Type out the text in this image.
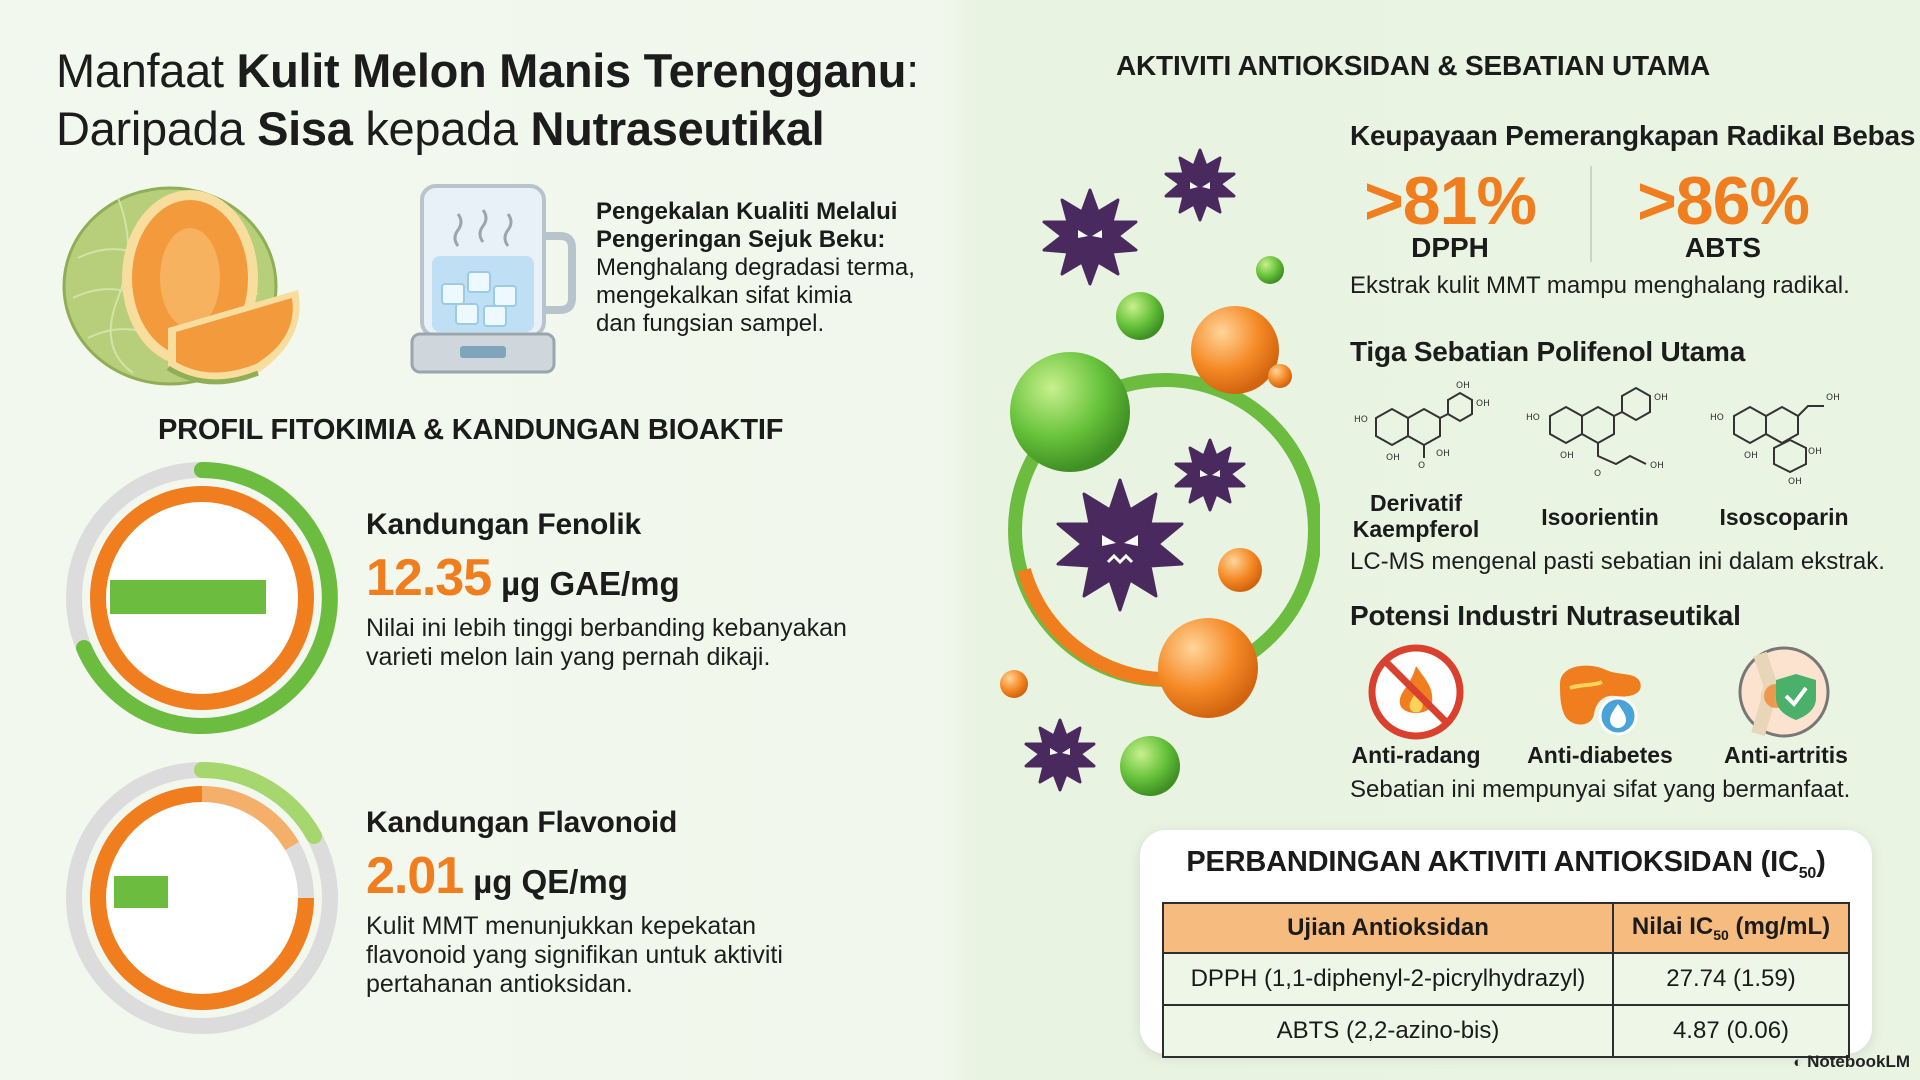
Manfaat Kulit Melon Manis Terengganu:
Daripada Sisa kepada Nutraseutikal
Pengekalan Kualiti Melalui
Pengeringan Sejuk Beku:
Menghalang degradasi terma,
mengekalkan sifat kimia
dan fungsian sampel.
PROFIL FITOKIMIA & KANDUNGAN BIOAKTIF
Kandungan Fenolik
12.35 µg GAE/mg
Nilai ini lebih tinggi berbanding kebanyakan
varieti melon lain yang pernah dikaji.
Kandungan Flavonoid
2.01 µg QE/mg
Kulit MMT menunjukkan kepekatan
flavonoid yang signifikan untuk aktiviti
pertahanan antioksidan.
AKTIVITI ANTIOKSIDAN & SEBATIAN UTAMA
Keupayaan Pemerangkapan Radikal Bebas
>81%
DPPH
>86%
ABTS
Ekstrak kulit MMT mampu menghalang radikal.
Tiga Sebatian Polifenol Utama
HO
OH
O
OH
OH
OH
Derivatif
Kaempferol
HO
OH
OH
OH
O
Isoorientin
HO
OH
OH
OH
OH
Isoscoparin
LC-MS mengenal pasti sebatian ini dalam ekstrak.
Potensi Industri Nutraseutikal
Anti-radang	Anti-diabetes	Anti-artritis
Sebatian ini mempunyai sifat yang bermanfaat.
PERBANDINGAN AKTIVITI ANTIOKSIDAN $(IC_{50})$
Ujian Antioksidan	Nilai $IC_{50}$ (mg/mL)
DPPH (1,1-diphenyl-2-picrylhydrazyl)	27.74 (1.59)
ABTS (2,2-azino-bis)	4.87 (0.06)
◐ NotebookLM
